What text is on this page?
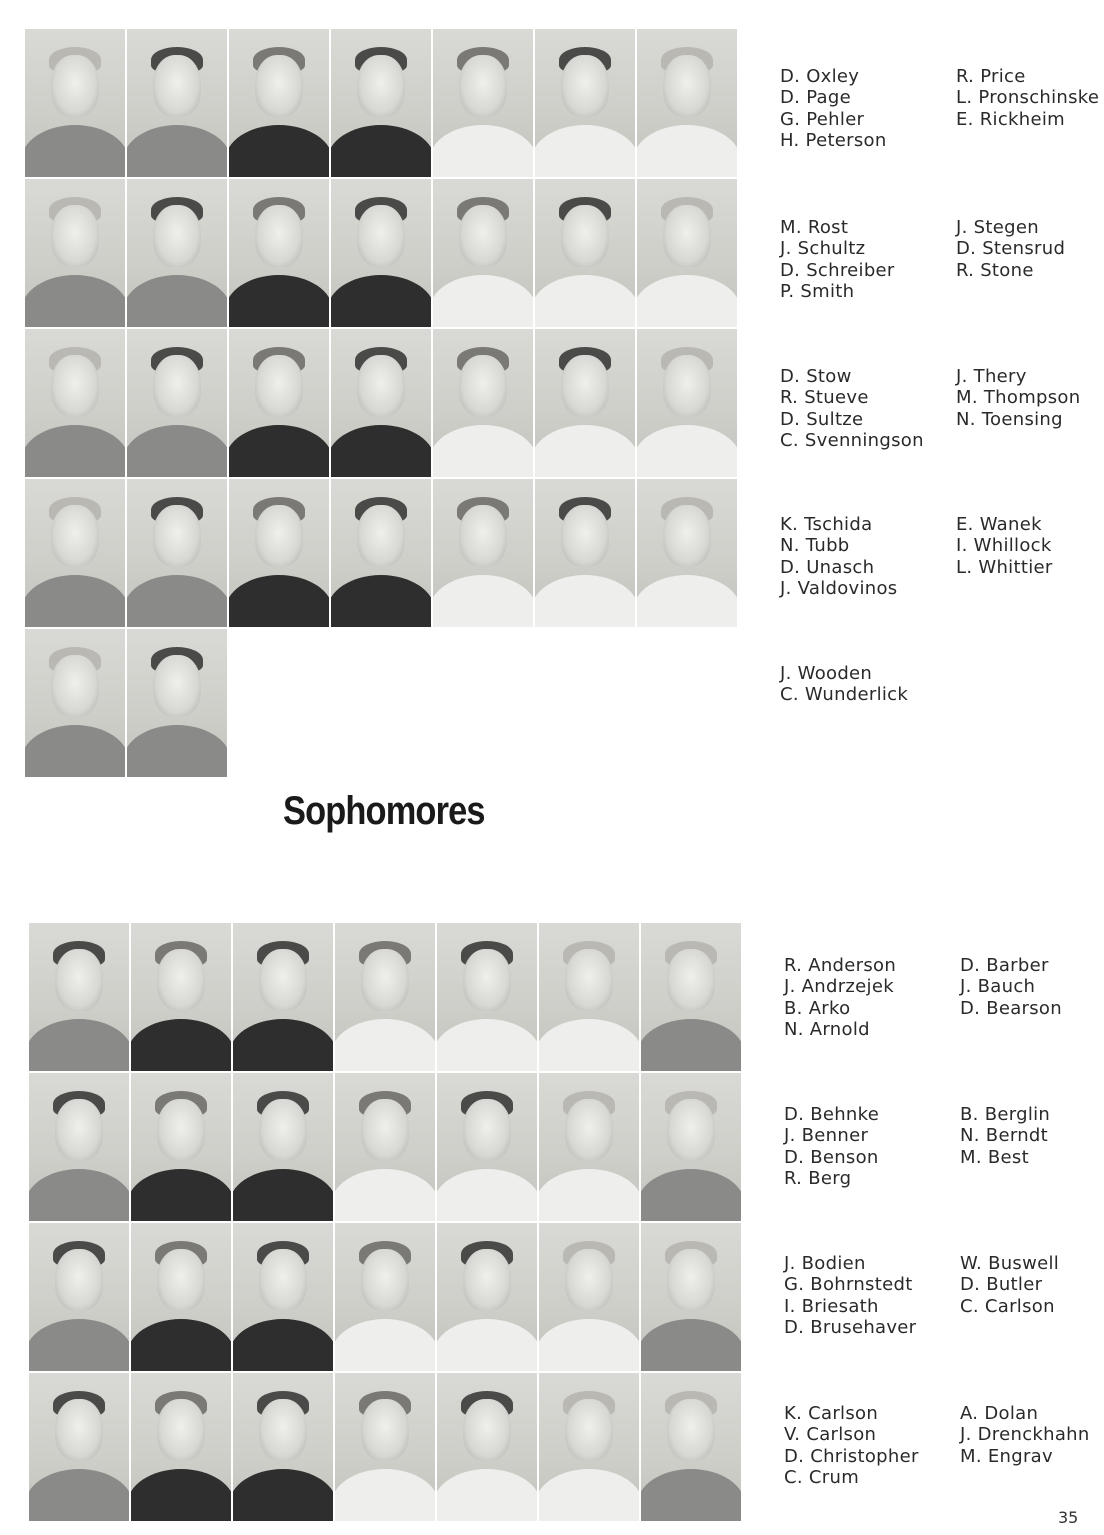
D. Oxley
D. Page
G. Pehler
H. Peterson
R. Price
L. Pronschinske
E. Rickheim
M. Rost
J. Schultz
D. Schreiber
P. Smith
J. Stegen
D. Stensrud
R. Stone
D. Stow
R. Stueve
D. Sultze
C. Svenningson
J. Thery
M. Thompson
N. Toensing
K. Tschida
N. Tubb
D. Unasch
J. Valdovinos
E. Wanek
I. Whillock
L. Whittier
J. Wooden
C. Wunderlick
R. Anderson
J. Andrzejek
B. Arko
N. Arnold
D. Barber
J. Bauch
D. Bearson
D. Behnke
J. Benner
D. Benson
R. Berg
B. Berglin
N. Berndt
M. Best
J. Bodien
G. Bohrnstedt
I. Briesath
D. Brusehaver
W. Buswell
D. Butler
C. Carlson
K. Carlson
V. Carlson
D. Christopher
C. Crum
A. Dolan
J. Drenckhahn
M. Engrav
Sophomores
35
